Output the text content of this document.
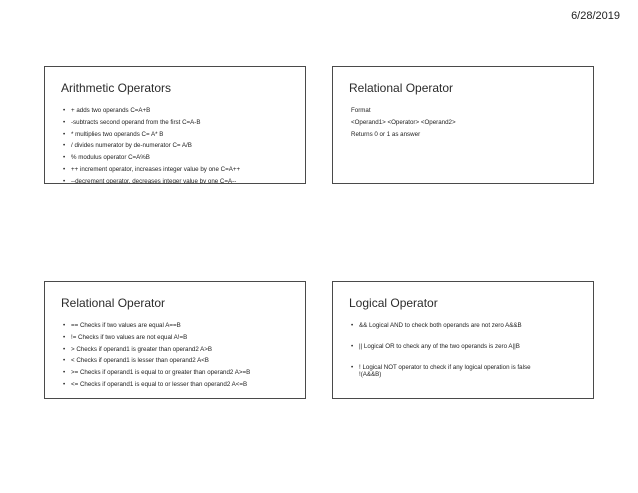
6/28/2019
Arithmetic Operators
• + adds two operands C=A+B
• -subtracts second operand from the first C=A-B
• * multiplies two operands C= A* B
• / divides numerator by de-numerator C= A/B
• % modulus operator C=A%B
• ++ increment operator, increases integer value by one C=A++
• --decrement operator, decreases integer value by one C=A--
Relational Operator
Format
<Operand1> <Operator> <Operand2>
Returns 0 or 1 as answer
Relational Operator
• == Checks if two values are equal A==B
• != Checks if two values are not equal A!=B
• > Checks if operand1 is greater than operand2 A>B
• < Checks if operand1 is lesser than operand2 A<B
• >= Checks if operand1 is equal to or greater than operand2 A>=B
• <= Checks if operand1 is equal to or lesser than operand2 A<=B
Logical Operator
• && Logical AND to check both operands are not zero A&&B
• || Logical OR to check any of the two operands is zero A||B
• ! Logical NOT operator to check if any logical operation is false
!(A&&B)
